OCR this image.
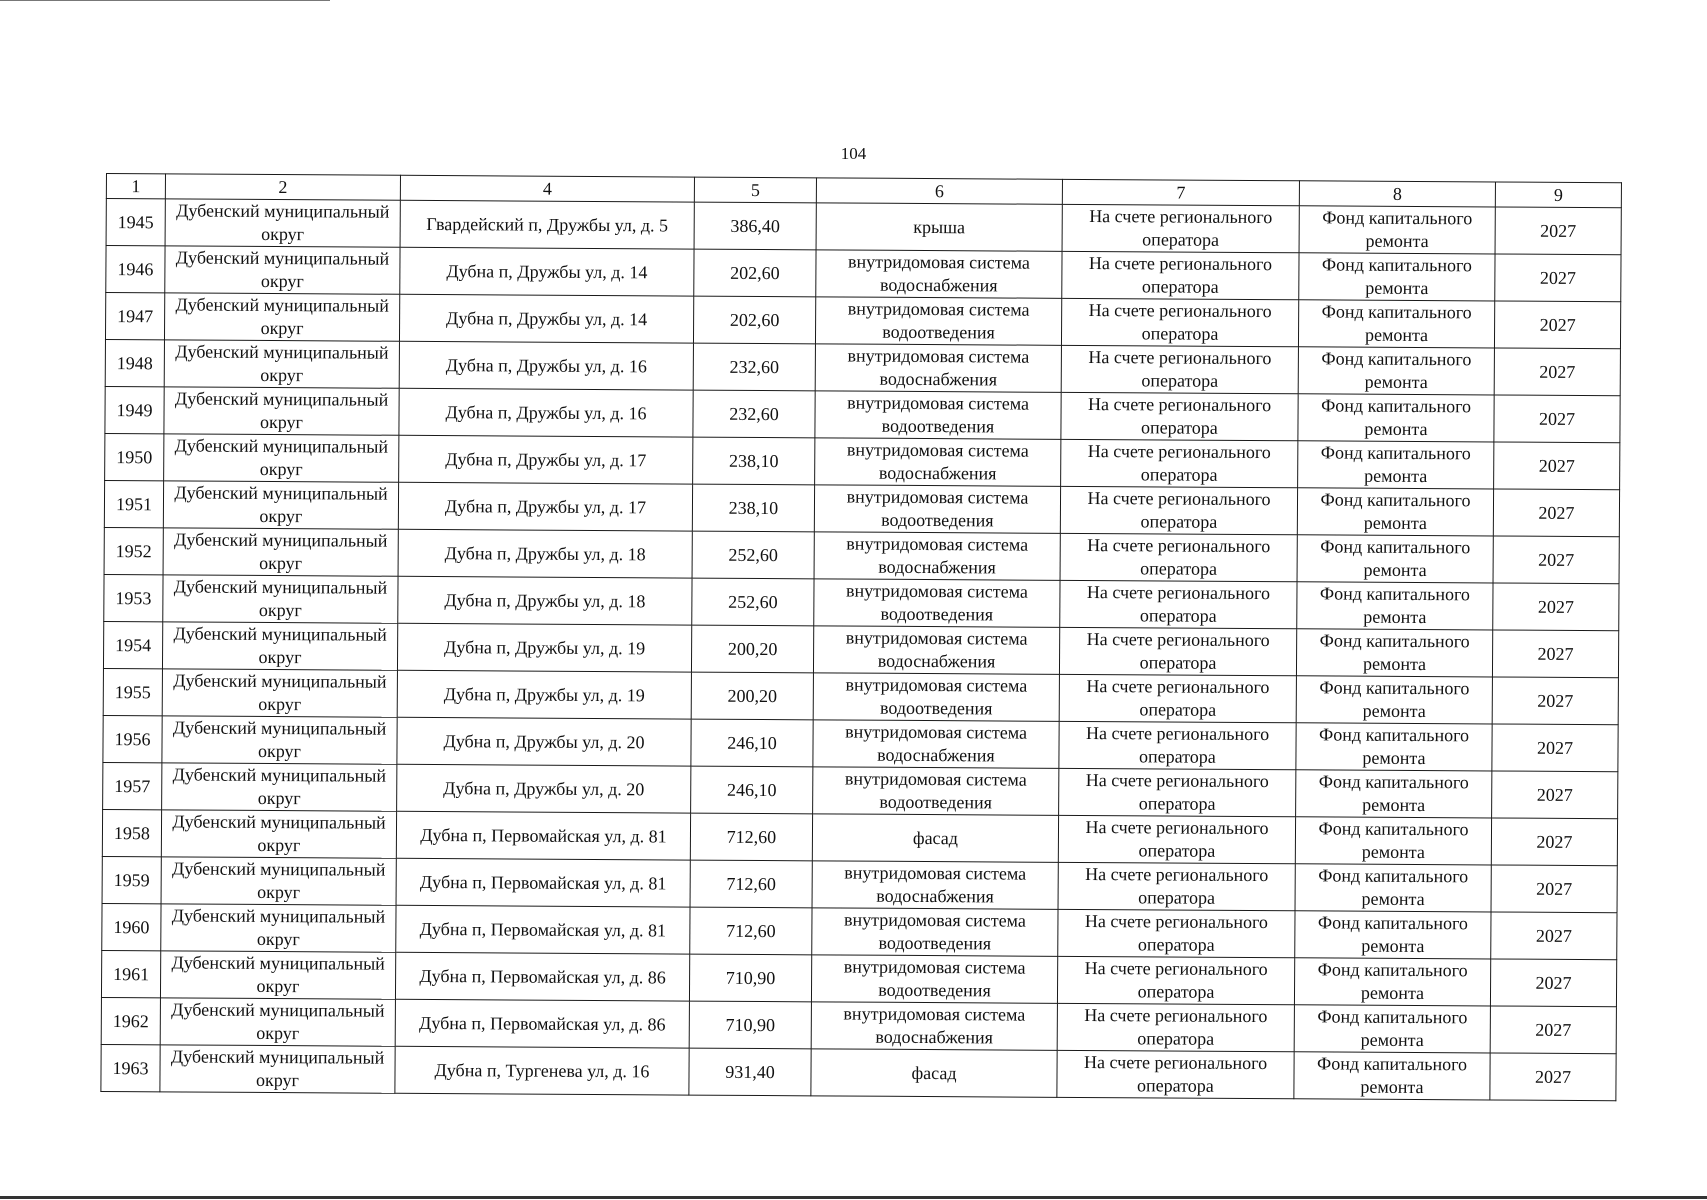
104
1	2	4	5	6	7	8	9
1945	Дубенский муниципальный округ	Гвардейский п, Дружбы ул, д. 5	386,40	крыша	На счете регионального оператора	Фонд капитального ремонта	2027
1946	Дубенский муниципальный округ	Дубна п, Дружбы ул, д. 14	202,60	внутридомовая система водоснабжения	На счете регионального оператора	Фонд капитального ремонта	2027
1947	Дубенский муниципальный округ	Дубна п, Дружбы ул, д. 14	202,60	внутридомовая система водоотведения	На счете регионального оператора	Фонд капитального ремонта	2027
1948	Дубенский муниципальный округ	Дубна п, Дружбы ул, д. 16	232,60	внутридомовая система водоснабжения	На счете регионального оператора	Фонд капитального ремонта	2027
1949	Дубенский муниципальный округ	Дубна п, Дружбы ул, д. 16	232,60	внутридомовая система водоотведения	На счете регионального оператора	Фонд капитального ремонта	2027
1950	Дубенский муниципальный округ	Дубна п, Дружбы ул, д. 17	238,10	внутридомовая система водоснабжения	На счете регионального оператора	Фонд капитального ремонта	2027
1951	Дубенский муниципальный округ	Дубна п, Дружбы ул, д. 17	238,10	внутридомовая система водоотведения	На счете регионального оператора	Фонд капитального ремонта	2027
1952	Дубенский муниципальный округ	Дубна п, Дружбы ул, д. 18	252,60	внутридомовая система водоснабжения	На счете регионального оператора	Фонд капитального ремонта	2027
1953	Дубенский муниципальный округ	Дубна п, Дружбы ул, д. 18	252,60	внутридомовая система водоотведения	На счете регионального оператора	Фонд капитального ремонта	2027
1954	Дубенский муниципальный округ	Дубна п, Дружбы ул, д. 19	200,20	внутридомовая система водоснабжения	На счете регионального оператора	Фонд капитального ремонта	2027
1955	Дубенский муниципальный округ	Дубна п, Дружбы ул, д. 19	200,20	внутридомовая система водоотведения	На счете регионального оператора	Фонд капитального ремонта	2027
1956	Дубенский муниципальный округ	Дубна п, Дружбы ул, д. 20	246,10	внутридомовая система водоснабжения	На счете регионального оператора	Фонд капитального ремонта	2027
1957	Дубенский муниципальный округ	Дубна п, Дружбы ул, д. 20	246,10	внутридомовая система водоотведения	На счете регионального оператора	Фонд капитального ремонта	2027
1958	Дубенский муниципальный округ	Дубна п, Первомайская ул, д. 81	712,60	фасад	На счете регионального оператора	Фонд капитального ремонта	2027
1959	Дубенский муниципальный округ	Дубна п, Первомайская ул, д. 81	712,60	внутридомовая система водоснабжения	На счете регионального оператора	Фонд капитального ремонта	2027
1960	Дубенский муниципальный округ	Дубна п, Первомайская ул, д. 81	712,60	внутридомовая система водоотведения	На счете регионального оператора	Фонд капитального ремонта	2027
1961	Дубенский муниципальный округ	Дубна п, Первомайская ул, д. 86	710,90	внутридомовая система водоотведения	На счете регионального оператора	Фонд капитального ремонта	2027
1962	Дубенский муниципальный округ	Дубна п, Первомайская ул, д. 86	710,90	внутридомовая система водоснабжения	На счете регионального оператора	Фонд капитального ремонта	2027
1963	Дубенский муниципальный округ	Дубна п, Тургенева ул, д. 16	931,40	фасад	На счете регионального оператора	Фонд капитального ремонта	2027
